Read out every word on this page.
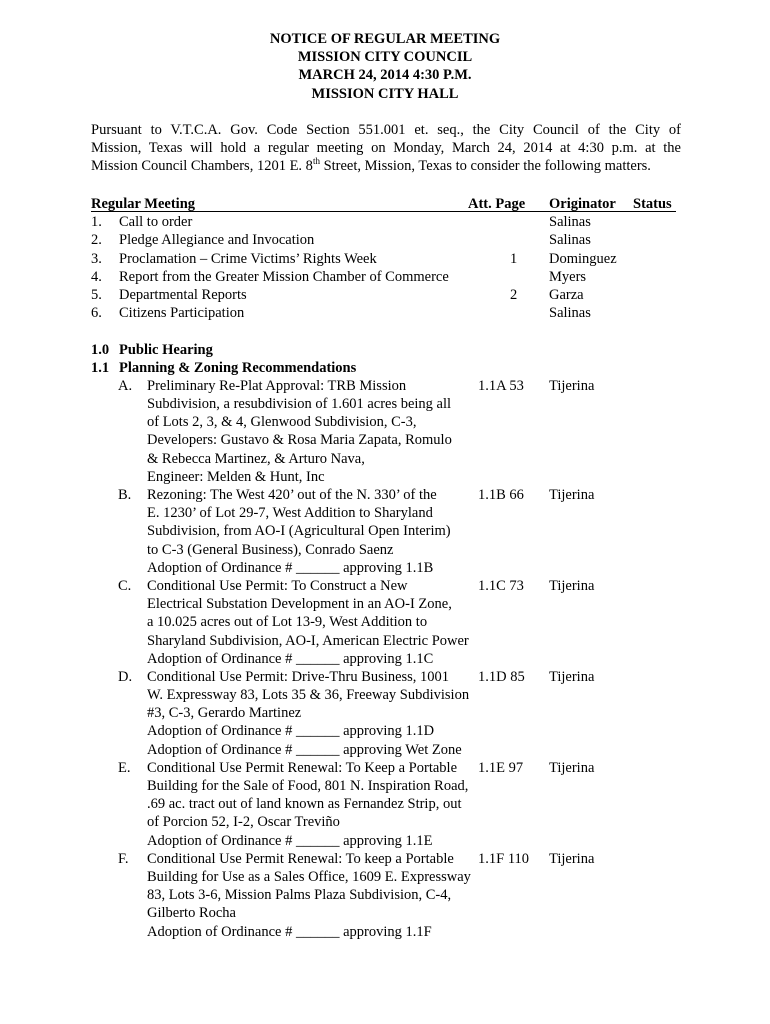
NOTICE OF REGULAR MEETING
MISSION CITY COUNCIL
MARCH 24, 2014 4:30 P.M.
MISSION CITY HALL
Pursuant to V.T.C.A. Gov. Code Section 551.001 et. seq., the City Council of the City of
Mission, Texas will hold a regular meeting on Monday, March 24, 2014 at 4:30 p.m. at the
Mission Council Chambers, 1201 E. 8th Street, Mission, Texas to consider the following matters.
Regular Meeting	Att. Page Originator Status
1. Call to order	Salinas
2. Pledge Allegiance and Invocation	Salinas
3. Proclamation – Crime Victims’ Rights Week	1 Dominguez
4. Report from the Greater Mission Chamber of Commerce	Myers
5. Departmental Reports	2 Garza
6. Citizens Participation	Salinas
1.0 Public Hearing
1.1 Planning & Zoning Recommendations
A. Preliminary Re-Plat Approval: TRB Mission	1.1A 53 Tijerina
Subdivision, a resubdivision of 1.601 acres being all
of Lots 2, 3, & 4, Glenwood Subdivision, C-3,
Developers: Gustavo & Rosa Maria Zapata, Romulo
& Rebecca Martinez, & Arturo Nava,
Engineer: Melden & Hunt, Inc
B. Rezoning: The West 420’ out of the N. 330’ of the	1.1B 66 Tijerina
E. 1230’ of Lot 29-7, West Addition to Sharyland
Subdivision, from AO-I (Agricultural Open Interim)
to C-3 (General Business), Conrado Saenz
Adoption of Ordinance # ______ approving 1.1B
C. Conditional Use Permit: To Construct a New	1.1C 73 Tijerina
Electrical Substation Development in an AO-I Zone,
a 10.025 acres out of Lot 13-9, West Addition to
Sharyland Subdivision, AO-I, American Electric Power
Adoption of Ordinance # ______ approving 1.1C
D. Conditional Use Permit: Drive-Thru Business, 1001 1.1D 85 Tijerina
W. Expressway 83, Lots 35 & 36, Freeway Subdivision
#3, C-3, Gerardo Martinez
Adoption of Ordinance # ______ approving 1.1D
Adoption of Ordinance # ______ approving Wet Zone
E. Conditional Use Permit Renewal: To Keep a Portable 1.1E 97 Tijerina
Building for the Sale of Food, 801 N. Inspiration Road,
.69 ac. tract out of land known as Fernandez Strip, out
of Porcion 52, I-2, Oscar Treviño
Adoption of Ordinance # ______ approving 1.1E
F. Conditional Use Permit Renewal: To keep a Portable 1.1F 110 Tijerina
Building for Use as a Sales Office, 1609 E. Expressway
83, Lots 3-6, Mission Palms Plaza Subdivision, C-4,
Gilberto Rocha
Adoption of Ordinance # ______ approving 1.1F
